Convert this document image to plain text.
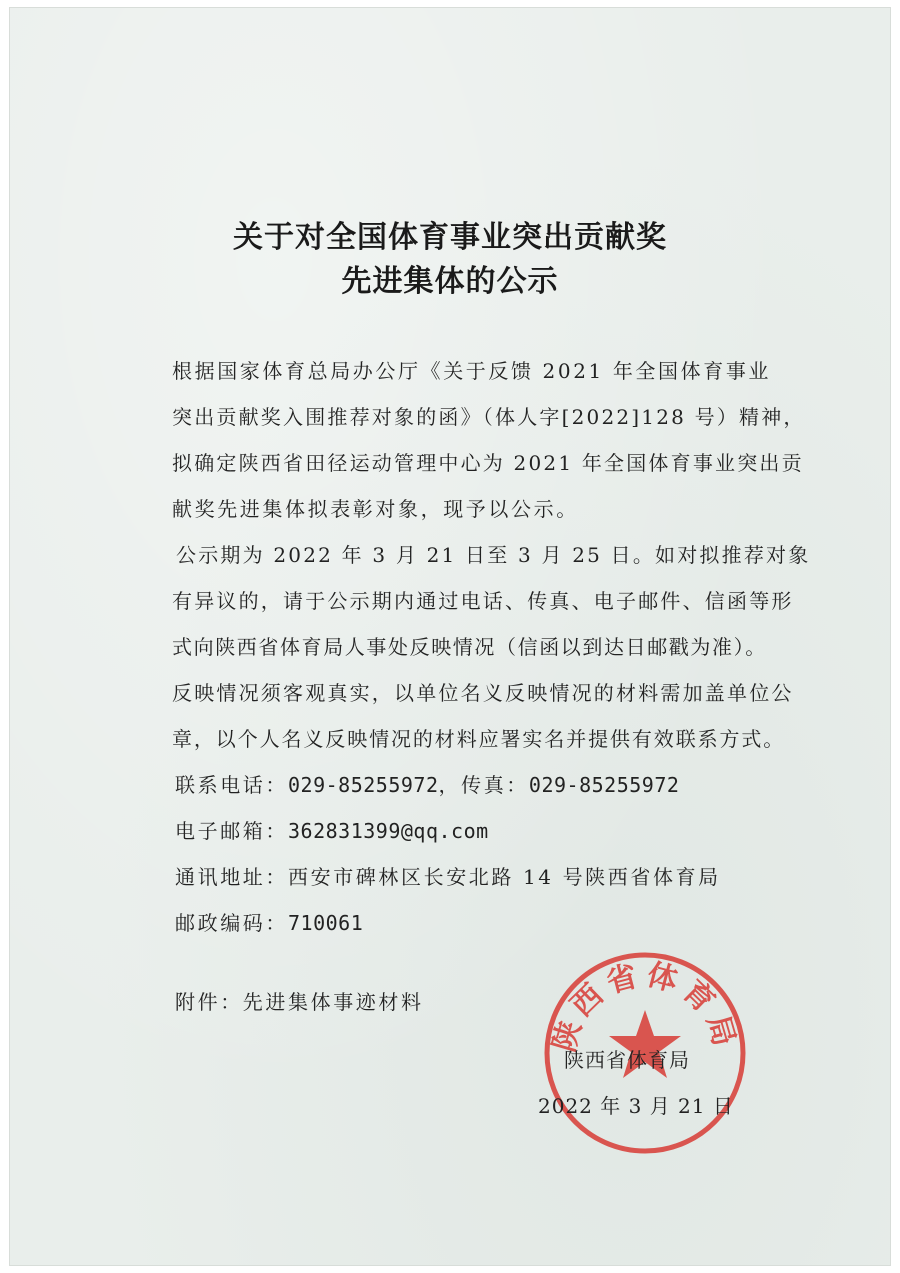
关于对全国体育事业突出贡献奖
先进集体的公示
根据国家体育总局办公厅《关于反馈 2021 年全国体育事业
突出贡献奖入围推荐对象的函》（体人字[2022]128 号）精神，
拟确定陕西省田径运动管理中心为 2021 年全国体育事业突出贡
献奖先进集体拟表彰对象，现予以公示。
公示期为 2022 年 3 月 21 日至 3 月 25 日。如对拟推荐对象
有异议的，请于公示期内通过电话、传真、电子邮件、信函等形
式向陕西省体育局人事处反映情况（信函以到达日邮戳为准）。
反映情况须客观真实，以单位名义反映情况的材料需加盖单位公
章，以个人名义反映情况的材料应署实名并提供有效联系方式。
联系电话：029-85255972，传真：029-85255972
电子邮箱：362831399@qq.com
通讯地址：西安市碑林区长安北路 14 号陕西省体育局
邮政编码：710061
附件：先进集体事迹材料
陕西省体育局
陕西省体育局
2022 年 3 月 21 日
